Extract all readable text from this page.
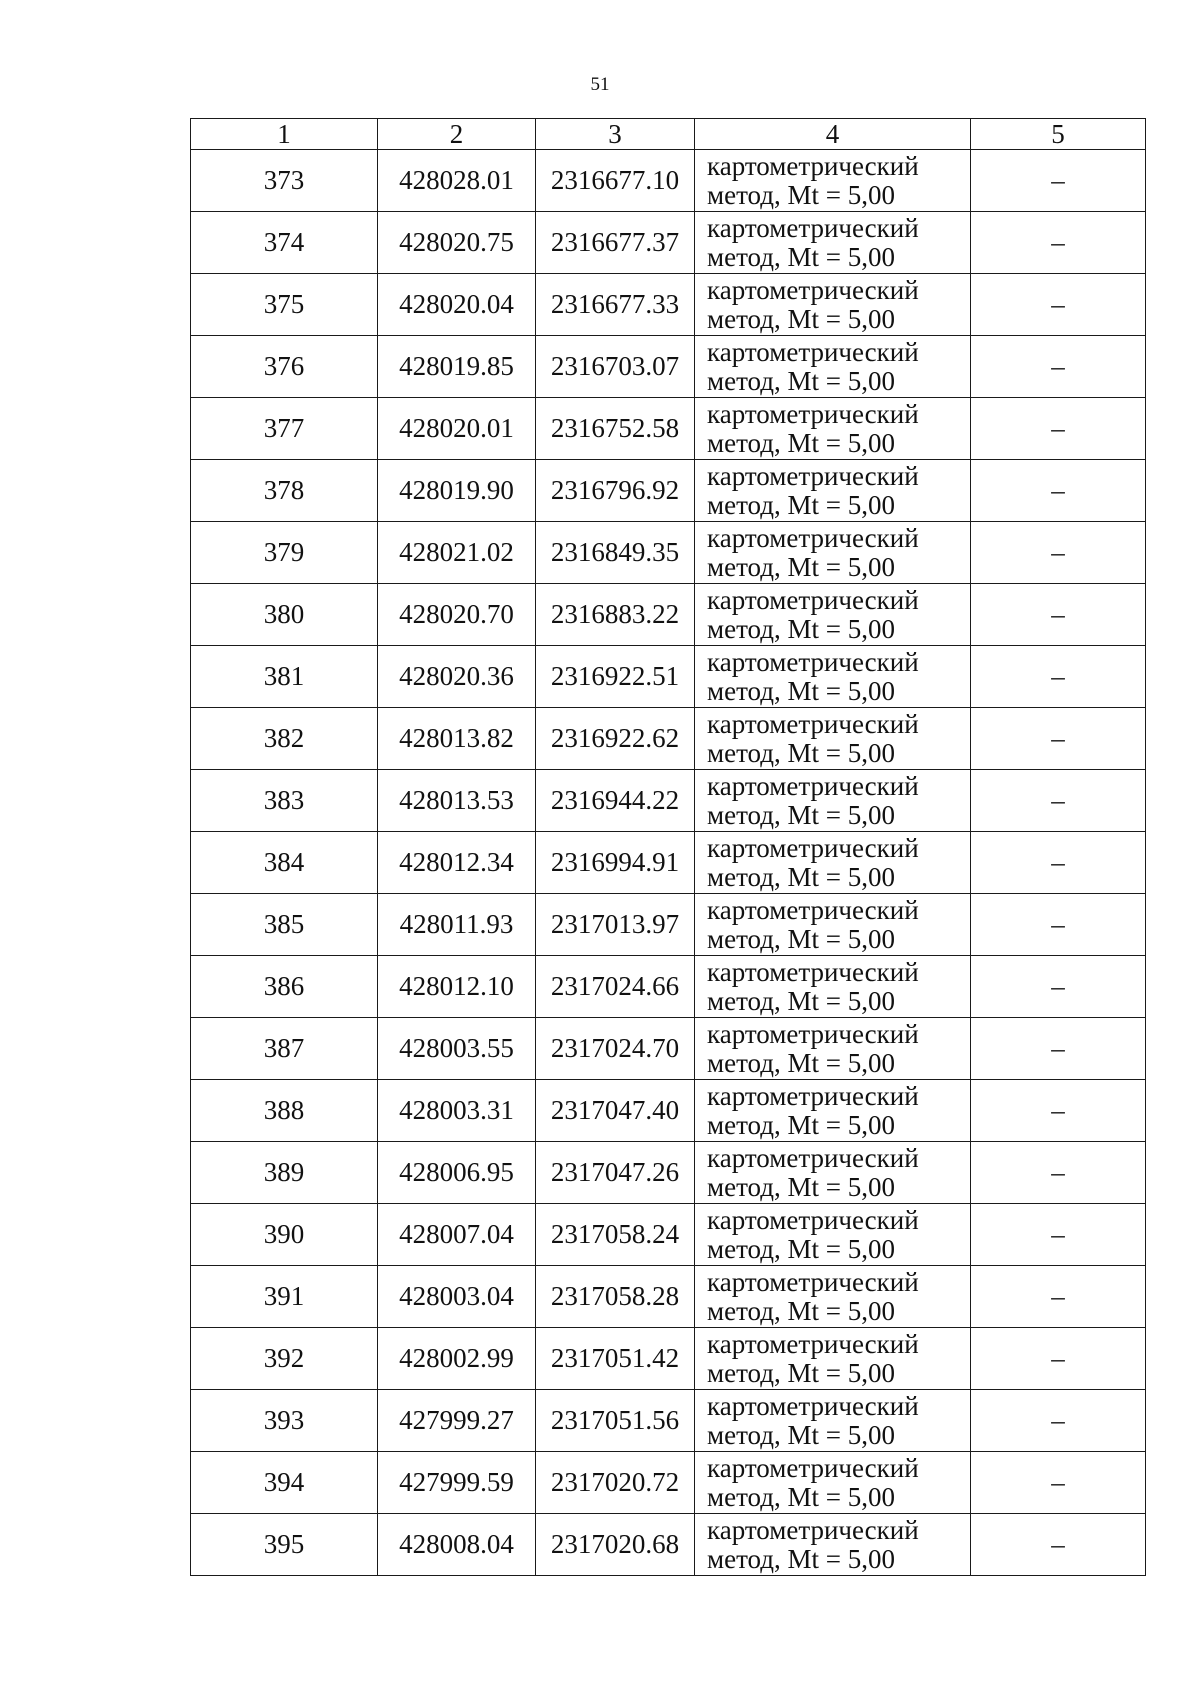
51
1	2	3	4	5
373	428028.01	2316677.10	картометрический
метод, Mt = 5,00	–
374	428020.75	2316677.37	картометрический
метод, Mt = 5,00	–
375	428020.04	2316677.33	картометрический
метод, Mt = 5,00	–
376	428019.85	2316703.07	картометрический
метод, Mt = 5,00	–
377	428020.01	2316752.58	картометрический
метод, Mt = 5,00	–
378	428019.90	2316796.92	картометрический
метод, Mt = 5,00	–
379	428021.02	2316849.35	картометрический
метод, Mt = 5,00	–
380	428020.70	2316883.22	картометрический
метод, Mt = 5,00	–
381	428020.36	2316922.51	картометрический
метод, Mt = 5,00	–
382	428013.82	2316922.62	картометрический
метод, Mt = 5,00	–
383	428013.53	2316944.22	картометрический
метод, Mt = 5,00	–
384	428012.34	2316994.91	картометрический
метод, Mt = 5,00	–
385	428011.93	2317013.97	картометрический
метод, Mt = 5,00	–
386	428012.10	2317024.66	картометрический
метод, Mt = 5,00	–
387	428003.55	2317024.70	картометрический
метод, Mt = 5,00	–
388	428003.31	2317047.40	картометрический
метод, Mt = 5,00	–
389	428006.95	2317047.26	картометрический
метод, Mt = 5,00	–
390	428007.04	2317058.24	картометрический
метод, Mt = 5,00	–
391	428003.04	2317058.28	картометрический
метод, Mt = 5,00	–
392	428002.99	2317051.42	картометрический
метод, Mt = 5,00	–
393	427999.27	2317051.56	картометрический
метод, Mt = 5,00	–
394	427999.59	2317020.72	картометрический
метод, Mt = 5,00	–
395	428008.04	2317020.68	картометрический
метод, Mt = 5,00	–
